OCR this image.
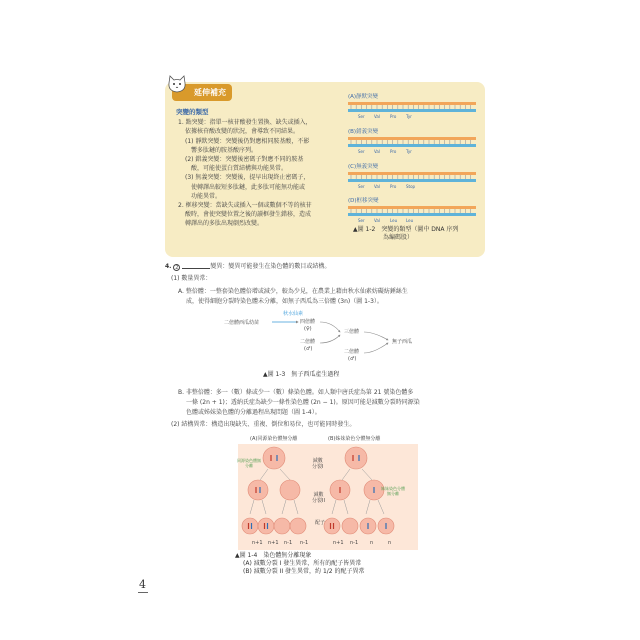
延伸補充
突變的類型
1. 點突變：指單一核苷酸發生置換、缺失或插入，
依據核苷酸改變的狀況，會導致不同結果。
(1) 靜默突變：突變後仍對應相同胺基酸，不影
響多肽鏈的胺基酸序列。
(2) 錯義突變：突變後密碼子對應不同的胺基
酸，可能使蛋白質結構與功能異常。
(3) 無義突變：突變後，提早出現終止密碼子，
使轉譯出較短多肽鏈，此多肽可能無功能或
功能異常。
2. 框移突變：當缺失或插入一個或數個不等的核苷
酸時，會使突變位置之後的讀框發生錯移，造成
轉譯出的多肽出現劇烈改變。
(A)靜默突變
(B)錯義突變
(C)無義突變
(D)框移突變
Ser Val	Pro Tyr
Ser Val	Pro Tyr
Ser Val	Pro Stop
Ser Val	Leu Leu
▲圖 1-2　突變的類型（圖中 DNA 序列
為編碼股）
4. 2	變異：變異可能發生在染色體的數目或結構。
(1) 數量異常：
A. 整倍體：一整套染色體倍增或減少，較為少見，在農業上藉由秋水仙素妨礙紡錘絲生
成，使得細胞分裂時染色體未分離，如無子西瓜為三倍體 (3n)（圖 1-3）。
二倍體西瓜幼苗
秋水仙素
四倍體
(♀)
二倍體
(♂)
三倍體
二倍體
(♂)
無子西瓜
▲圖 1-3　無子西瓜產生過程
B. 非整倍體：多一（數）條或少一（數）條染色體。如人類中唐氏症為第 21 號染色體多
一條 (2n + 1)；透納氏症為缺少一條性染色體 (2n − 1)。原因可能是減數分裂時同源染
色體或姊妹染色體的分離過程出現問題（圖 1-4）。
(2) 結構異常：構造出現缺失、重複、倒位和易位，也可能同時發生。
(A)同源染色體無分離	(B)姊妹染色分體無分離
減數
分裂I
減數
分裂II
配子
同源染色體無分離
姊妹染色分體無分離
n+1 n+1 n-1 n-1	n+1 n-1 n	n
▲圖 1-4　染色體無分離現象
(A) 減數分裂 I 發生異常，所有的配子皆異常
(B) 減數分裂 II 發生異常，約 1/2 的配子異常
4
